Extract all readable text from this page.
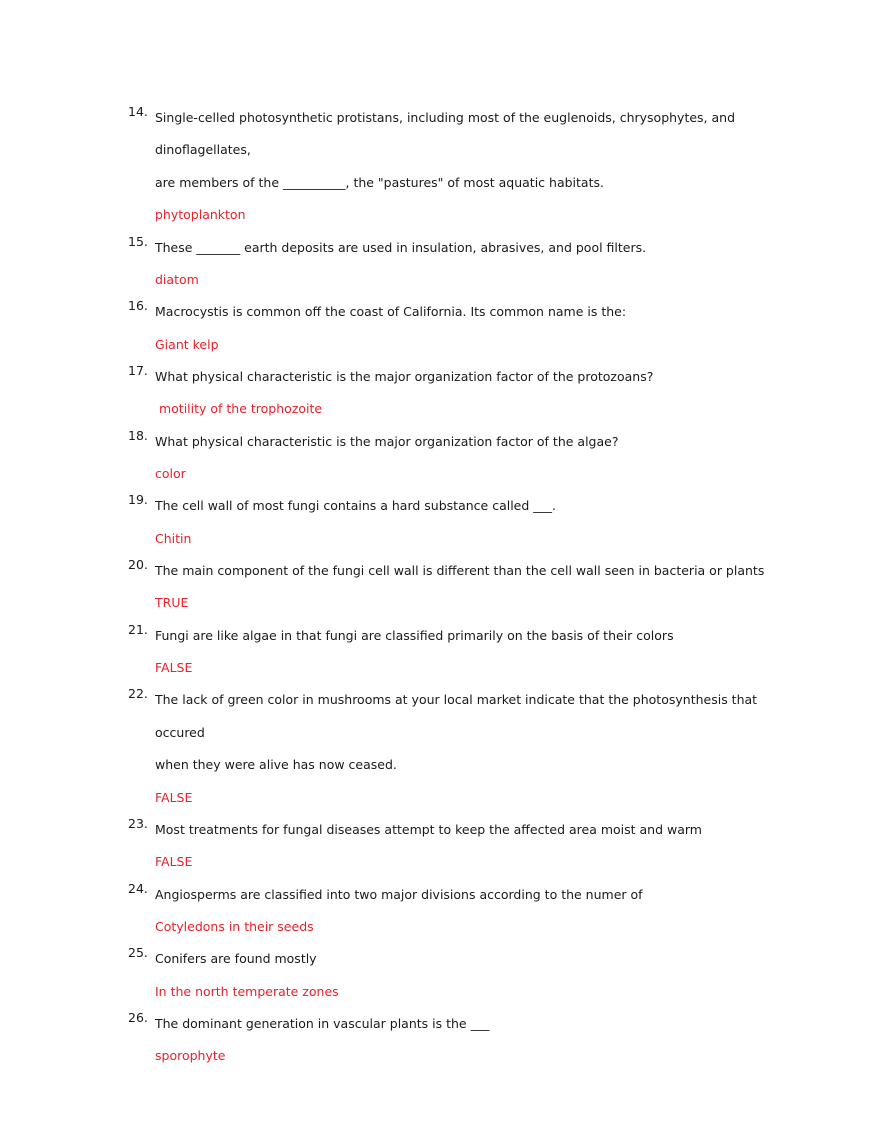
14. Single-celled photosynthetic protistans, including most of the euglenoids, chrysophytes, and dinoflagellates,
are members of the __________, the "pastures" of most aquatic habitats.
phytoplankton
15. These _______ earth deposits are used in insulation, abrasives, and pool filters.
diatom
16. Macrocystis is common off the coast of California. Its common name is the:
Giant kelp
17. What physical characteristic is the major organization factor of the protozoans?
motility of the trophozoite
18. What physical characteristic is the major organization factor of the algae?
color
19. The cell wall of most fungi contains a hard substance called ___.
Chitin
20. The main component of the fungi cell wall is different than the cell wall seen in bacteria or plants
TRUE
21. Fungi are like algae in that fungi are classified primarily on the basis of their colors
FALSE
22. The lack of green color in mushrooms at your local market indicate that the photosynthesis that occured
when they were alive has now ceased.
FALSE
23. Most treatments for fungal diseases attempt to keep the affected area moist and warm
FALSE
24. Angiosperms are classified into two major divisions according to the numer of
Cotyledons in their seeds
25. Conifers are found mostly
In the north temperate zones
26. The dominant generation in vascular plants is the ___
sporophyte
